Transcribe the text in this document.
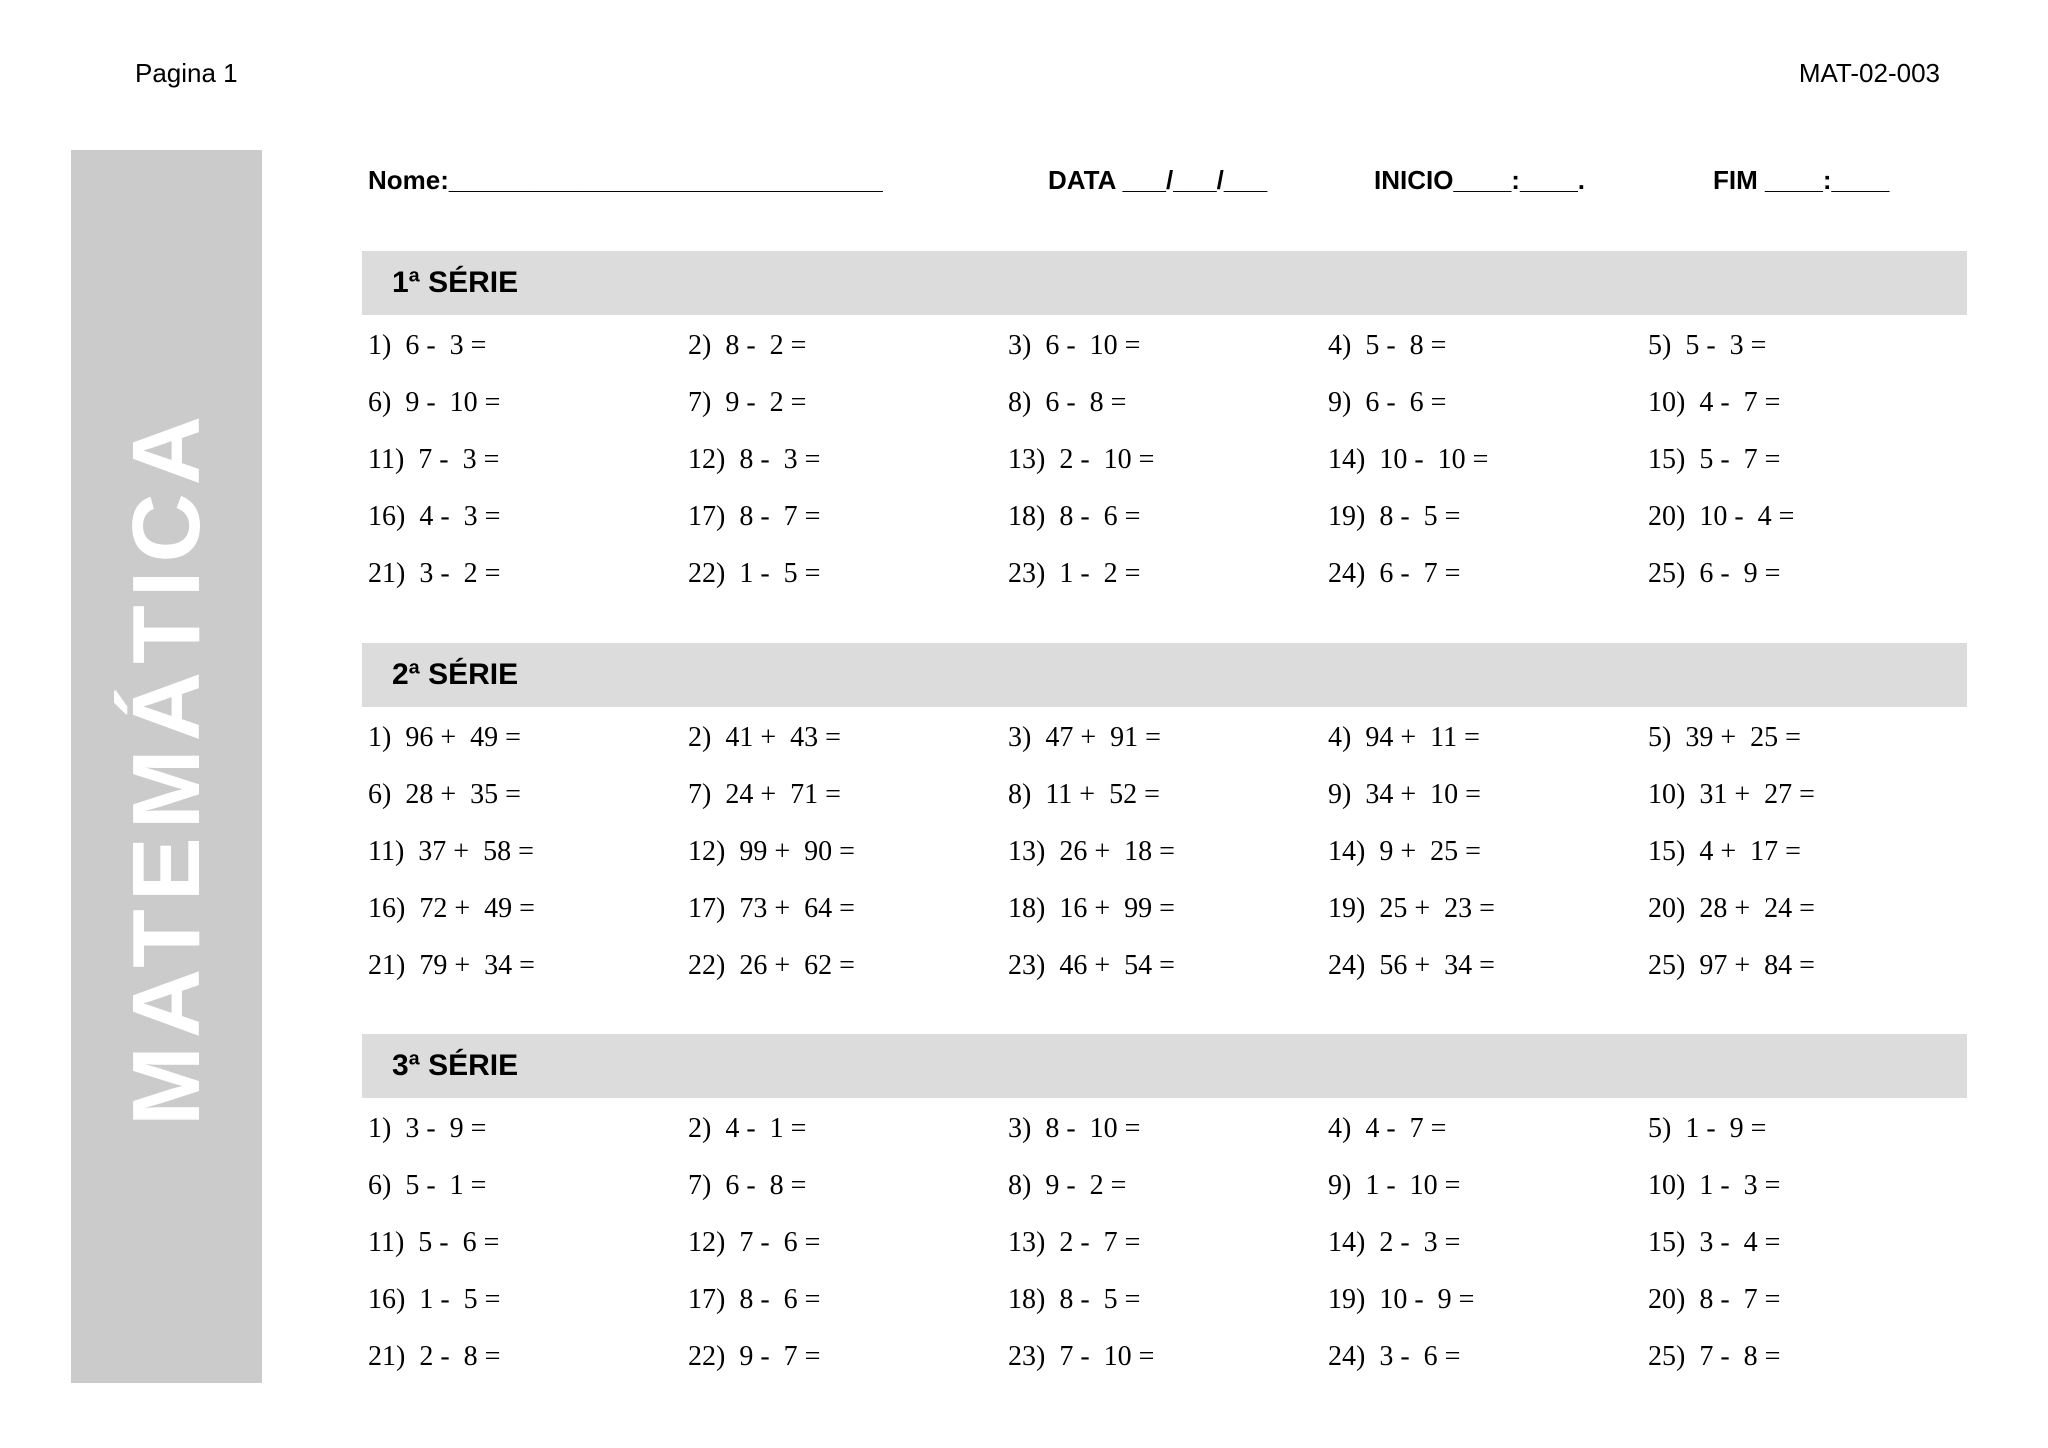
Pagina 1	MAT-02-003
MATEMÁTICA
Nome:______________________________	DATA ___/___/___	INICIO____:____.	FIM ____:____
1ª SÉRIE
1)  6 -  3 =	2)  8 -  2 =	3)  6 -  10 =	4)  5 -  8 =	5)  5 -  3 =
6)  9 -  10 =	7)  9 -  2 =	8)  6 -  8 =	9)  6 -  6 =	10)  4 -  7 =
11)  7 -  3 =	12)  8 -  3 =	13)  2 -  10 =	14)  10 -  10 =	15)  5 -  7 =
16)  4 -  3 =	17)  8 -  7 =	18)  8 -  6 =	19)  8 -  5 =	20)  10 -  4 =
21)  3 -  2 =	22)  1 -  5 =	23)  1 -  2 =	24)  6 -  7 =	25)  6 -  9 =
2ª SÉRIE
1)  96 +  49 =	2)  41 +  43 =	3)  47 +  91 =	4)  94 +  11 =	5)  39 +  25 =
6)  28 +  35 =	7)  24 +  71 =	8)  11 +  52 =	9)  34 +  10 =	10)  31 +  27 =
11)  37 +  58 =	12)  99 +  90 =	13)  26 +  18 =	14)  9 +  25 =	15)  4 +  17 =
16)  72 +  49 =	17)  73 +  64 =	18)  16 +  99 =	19)  25 +  23 =	20)  28 +  24 =
21)  79 +  34 =	22)  26 +  62 =	23)  46 +  54 =	24)  56 +  34 =	25)  97 +  84 =
3ª SÉRIE
1)  3 -  9 =	2)  4 -  1 =	3)  8 -  10 =	4)  4 -  7 =	5)  1 -  9 =
6)  5 -  1 =	7)  6 -  8 =	8)  9 -  2 =	9)  1 -  10 =	10)  1 -  3 =
11)  5 -  6 =	12)  7 -  6 =	13)  2 -  7 =	14)  2 -  3 =	15)  3 -  4 =
16)  1 -  5 =	17)  8 -  6 =	18)  8 -  5 =	19)  10 -  9 =	20)  8 -  7 =
21)  2 -  8 =	22)  9 -  7 =	23)  7 -  10 =	24)  3 -  6 =	25)  7 -  8 =
